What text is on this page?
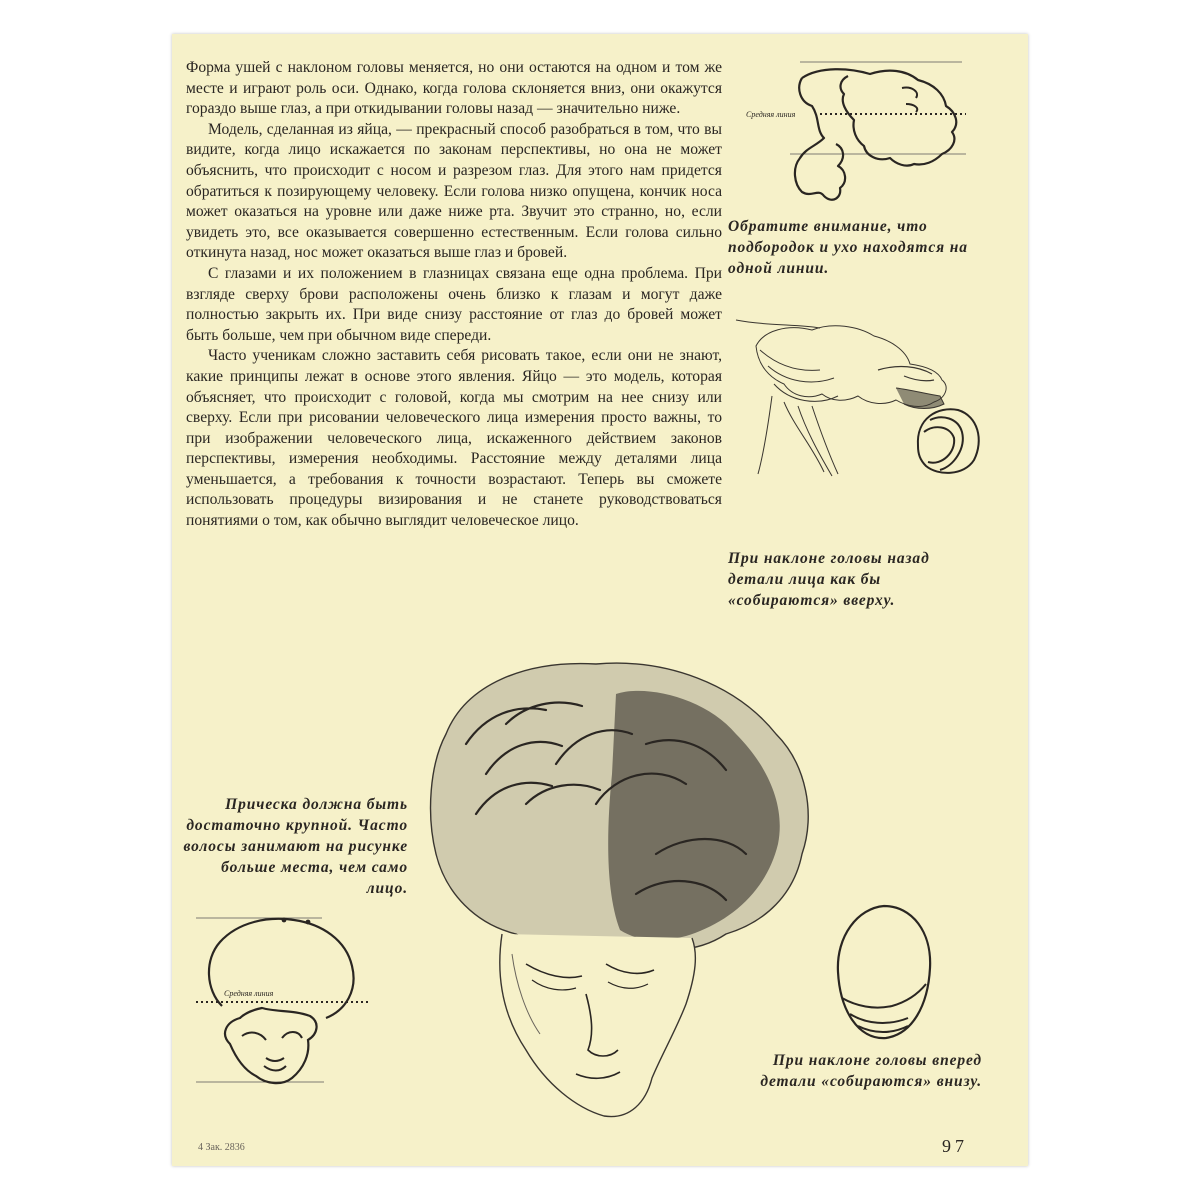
Форма ушей с наклоном головы меняется, но они остаются на одном и том же месте и играют роль оси. Однако, когда голова склоняется вниз, они окажутся гораздо выше глаз, а при откидывании головы назад — значительно ниже.

Модель, сделанная из яйца, — прекрасный способ разобраться в том, что вы видите, когда лицо искажается по законам перспективы, но она не может объяснить, что происходит с носом и разрезом глаз. Для этого нам придется обратиться к позирующему человеку. Если голова низко опущена, кончик носа может оказаться на уровне или даже ниже рта. Звучит это странно, но, если увидеть это, все оказывается совершенно естественным. Если голова сильно откинута назад, нос может оказаться выше глаз и бровей.

С глазами и их положением в глазницах связана еще одна проблема. При взгляде сверху брови расположены очень близко к глазам и могут даже полностью закрыть их. При виде снизу расстояние от глаз до бровей может быть больше, чем при обычном виде спереди.

Часто ученикам сложно заставить себя рисовать такое, если они не знают, какие принципы лежат в основе этого явления. Яйцо — это модель, которая объясняет, что происходит с головой, когда мы смотрим на нее снизу или сверху. Если при рисовании человеческого лица измерения просто важны, то при изображении человеческого лица, искаженного действием законов перспективы, измерения необходимы. Расстояние между деталями лица уменьшается, а требования к точности возрастают. Теперь вы сможете использовать процедуры визирования и не станете руководствоваться понятиями о том, как обычно выглядит человеческое лицо.

Средняя линия
Обратите внимание, что подбородок и ухо находятся на одной линии.
При наклоне головы назад детали лица как бы «собираются» вверху.
Прическа должна быть достаточно крупной. Часто волосы занимают на рисунке больше места, чем само лицо.
Средняя линия
При наклоне головы вперед детали «собираются» внизу.
4 Зак. 2836	97
